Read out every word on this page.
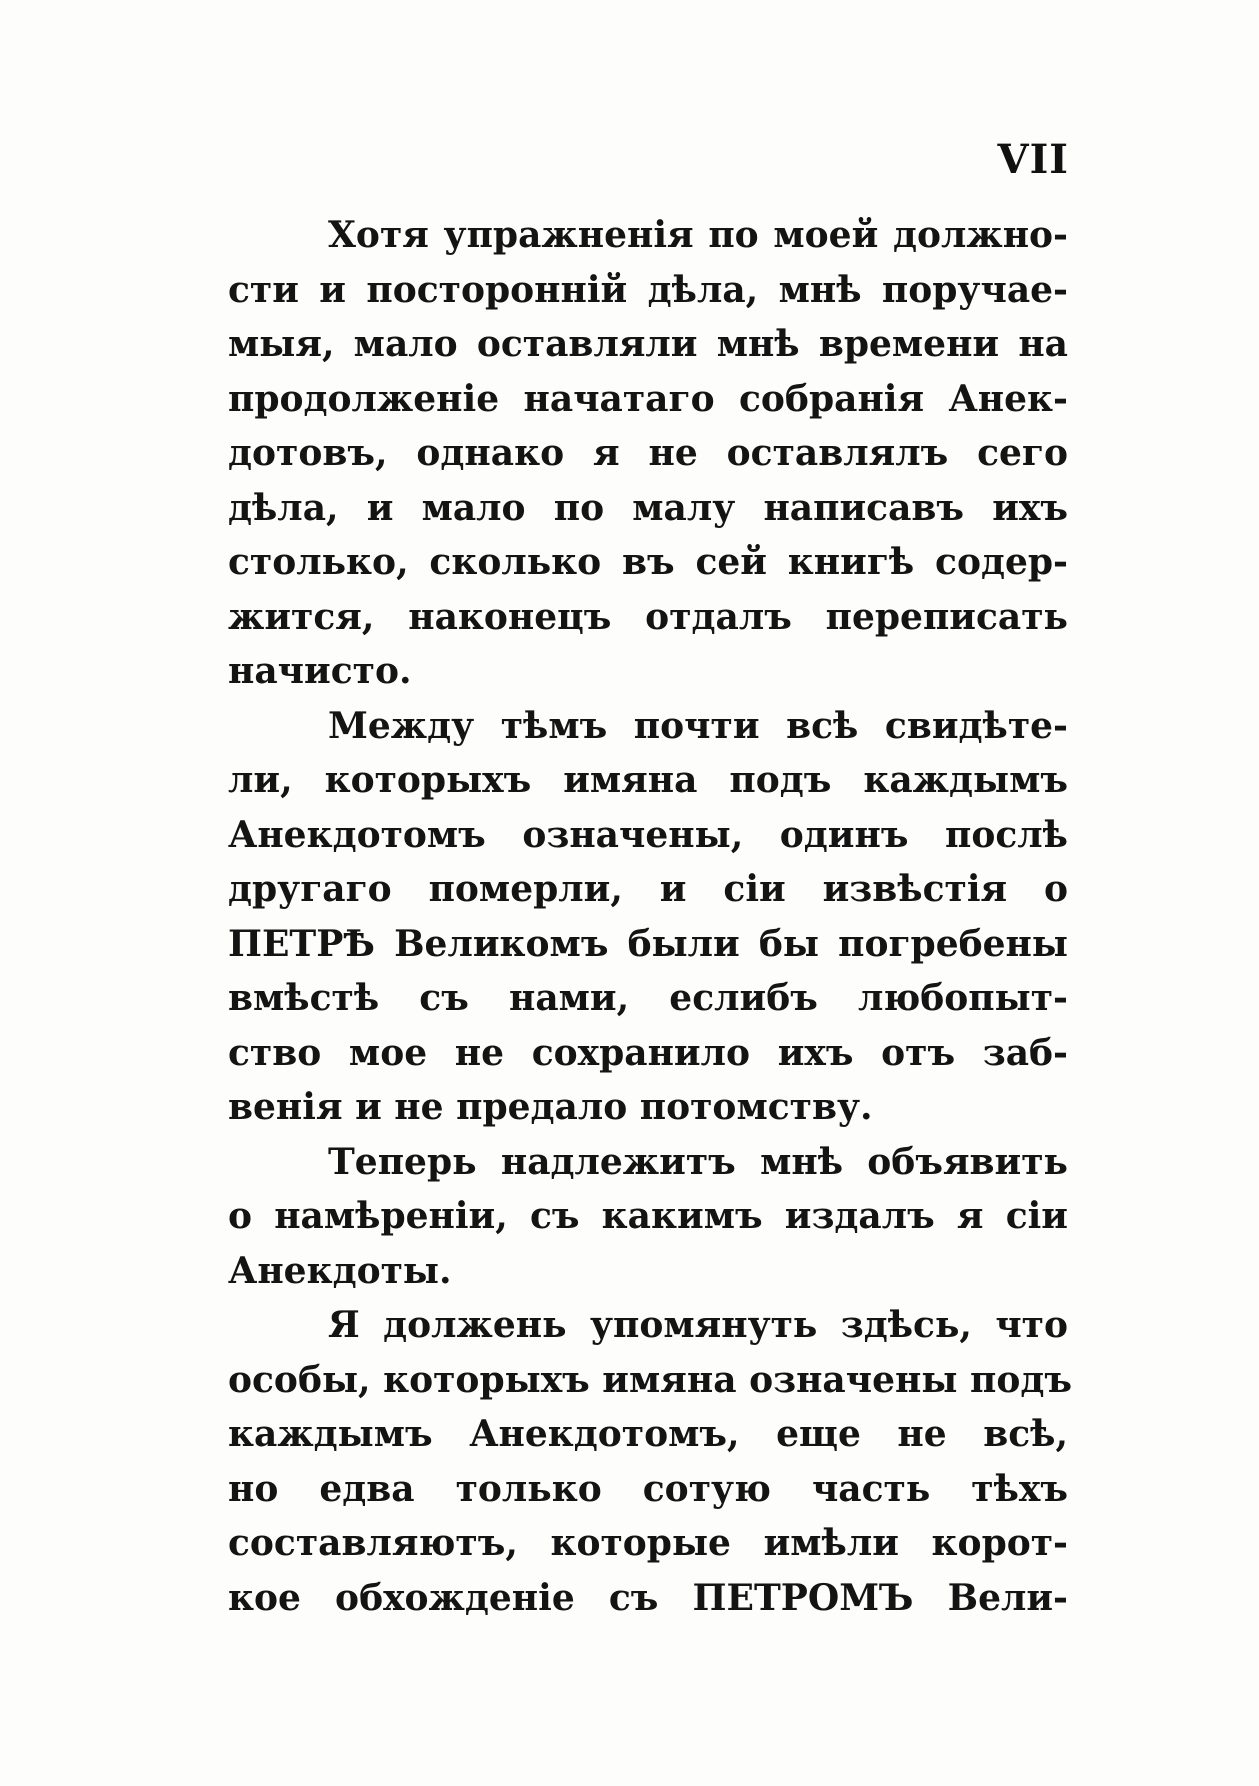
VII
Хотя упражненія по моей должно-
сти и посторонній дѣла, мнѣ поручае-
мыя, мало оставляли мнѣ времени на
продолженіе начатаго собранія Анек-
дотовъ, однако я не оставлялъ сего
дѣла, и мало по малу написавъ ихъ
столько, сколько въ сей книгѣ содер-
жится, наконецъ отдалъ переписать
начисто.
Между тѣмъ почти всѣ свидѣте-
ли, которыхъ имяна подъ каждымъ
Анекдотомъ означены, одинъ послѣ
другаго померли, и сіи извѣстія о
ПЕТРѢ Великомъ были бы погребены
вмѣстѣ съ нами, еслибъ любопыт-
ство мое не сохранило ихъ отъ заб-
венія и не предало потомству.
Теперь надлежитъ мнѣ объявить
о намѣреніи, съ какимъ издалъ я сіи
Анекдоты.
Я должень упомянуть здѣсь, что
особы, которыхъ имяна означены подъ
каждымъ Анекдотомъ, еще не всѣ,
но едва только сотую часть тѣхъ
составляютъ, которые имѣли корот-
кое обхожденіе съ ПЕТРОМЪ Вели-
